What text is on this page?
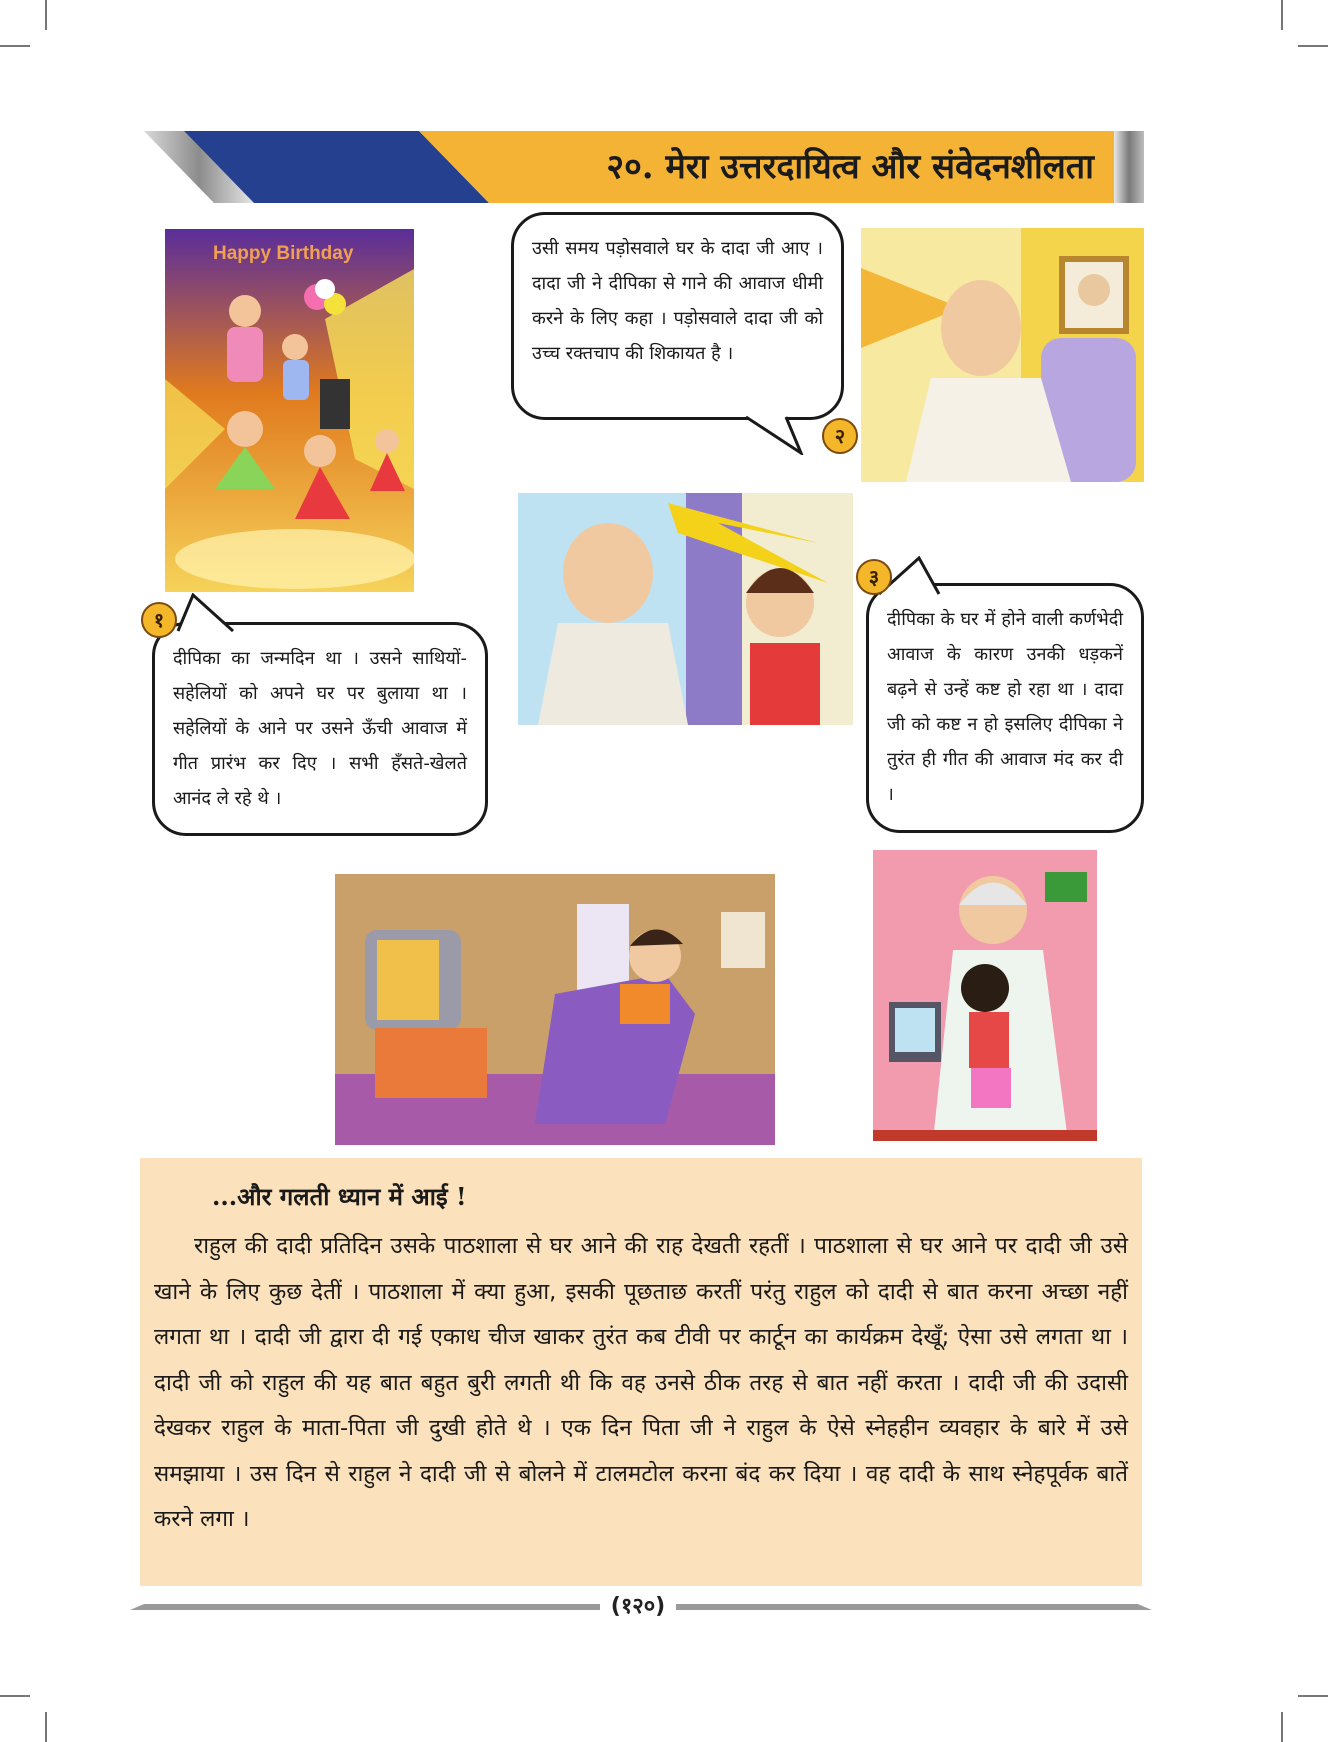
२०. मेरा उत्तरदायित्व और संवेदनशीलता
Happy Birthday	उसी समय पड़ोसवाले घर के दादा जी आए । दादा जी ने दीपिका से गाने की आवाज धीमी करने के लिए कहा । पड़ोसवाले दादा जी को उच्च रक्तचाप की शिकायत है ।
२
दीपिका का जन्मदिन था । उसने साथियों-सहेलियों को अपने घर पर बुलाया था । सहेलियों के आने पर उसने ऊँची आवाज में गीत प्रारंभ कर दिए । सभी हँसते-खेलते आनंद ले रहे थे ।
१	दीपिका के घर में होने वाली कर्णभेदी आवाज के कारण उनकी धड़कनें बढ़ने से उन्हें कष्ट हो रहा था । दादा जी को कष्ट न हो इसलिए दीपिका ने तुरंत ही गीत की आवाज मंद कर दी ।
३
...और गलती ध्यान में आई !

राहुल की दादी प्रतिदिन उसके पाठशाला से घर आने की राह देखती रहतीं । पाठशाला से घर आने पर दादी जी उसे खाने के लिए कुछ देतीं । पाठशाला में क्या हुआ, इसकी पूछताछ करतीं परंतु राहुल को दादी से बात करना अच्छा नहीं लगता था । दादी जी द्वारा दी गई एकाध चीज खाकर तुरंत कब टीवी पर कार्टून का कार्यक्रम देखूँ; ऐसा उसे लगता था । दादी जी को राहुल की यह बात बहुत बुरी लगती थी कि वह उनसे ठीक तरह से बात नहीं करता । दादी जी की उदासी देखकर राहुल के माता-पिता जी दुखी होते थे । एक दिन पिता जी ने राहुल के ऐसे स्नेहहीन व्यवहार के बारे में उसे समझाया । उस दिन से राहुल ने दादी जी से बोलने में टालमटोल करना बंद कर दिया । वह दादी के साथ स्नेहपूर्वक बातें करने लगा ।

(१२०)
